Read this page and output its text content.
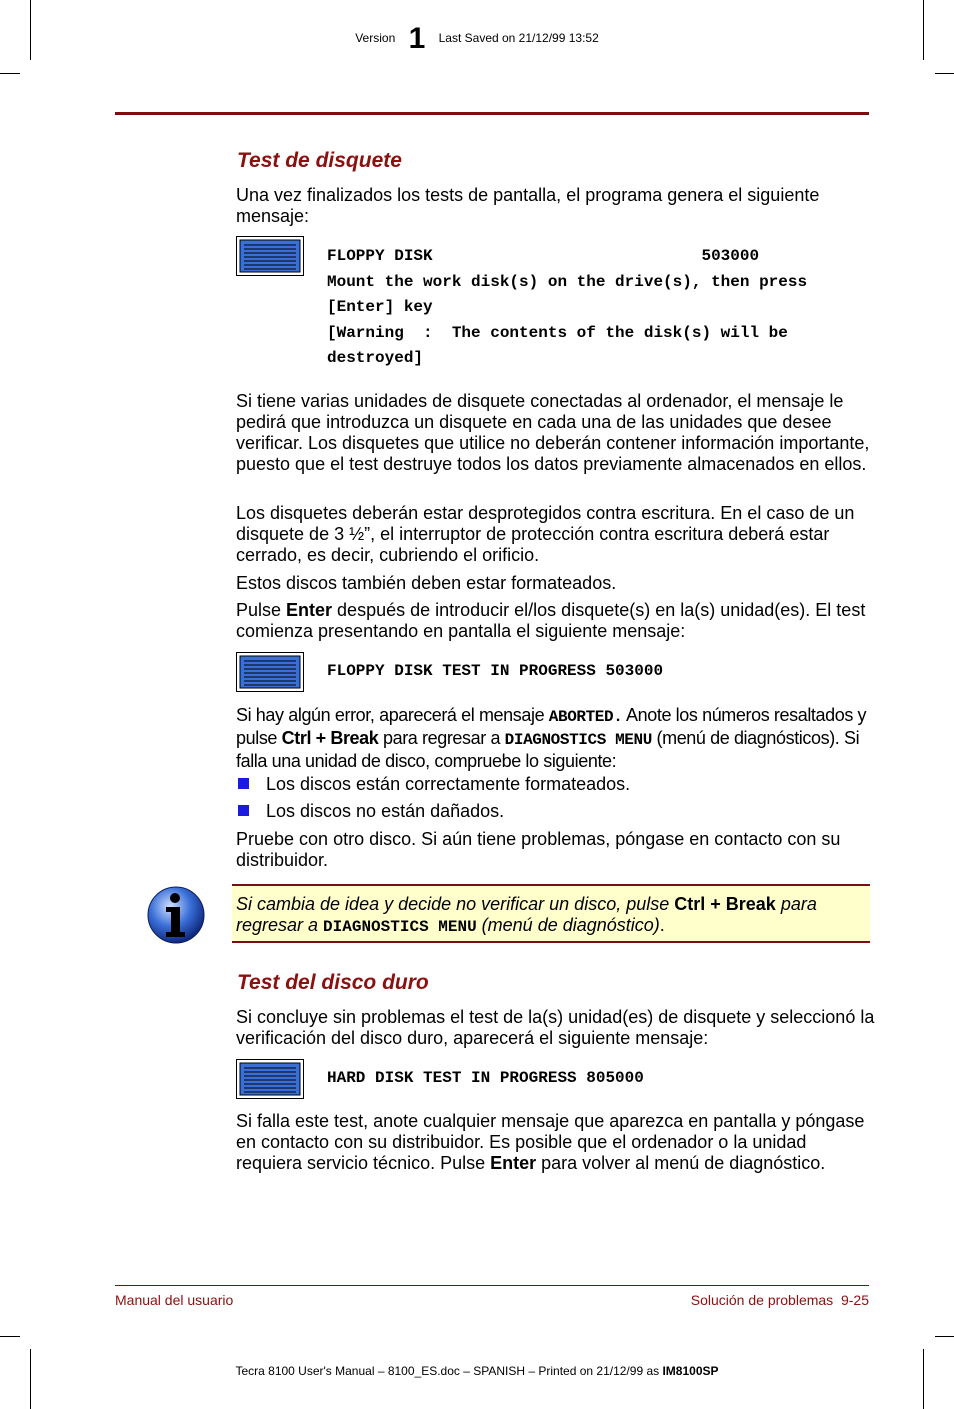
Version 1 Last Saved on 21/12/99 13:52
Test de disquete

Una vez finalizados los tests de pantalla, el programa genera el siguiente mensaje:

FLOPPY DISK                            503000
Mount the work disk(s) on the drive(s), then press
[Enter] key
[Warning  :  The contents of the disk(s) will be
destroyed]

Si tiene varias unidades de disquete conectadas al ordenador, el mensaje le pedirá que introduzca un disquete en cada una de las unidades que desee verificar. Los disquetes que utilice no deberán contener información importante, puesto que el test destruye todos los datos previamente almacenados en ellos.

Los disquetes deberán estar desprotegidos contra escritura. En el caso de un disquete de 3 ½”, el interruptor de protección contra escritura deberá estar cerrado, es decir, cubriendo el orificio.

Estos discos también deben estar formateados.

Pulse Enter después de introducir el/los disquete(s) en la(s) unidad(es). El test comienza presentando en pantalla el siguiente mensaje:

FLOPPY DISK TEST IN PROGRESS 503000

Si hay algún error, aparecerá el mensaje ABORTED. Anote los números resaltados y pulse Ctrl + Break para regresar a DIAGNOSTICS MENU (menú de diagnósticos). Si falla una unidad de disco, compruebe lo siguiente:

Los discos están correctamente formateados.
Los discos no están dañados.

Pruebe con otro disco. Si aún tiene problemas, póngase en contacto con su distribuidor.

Si cambia de idea y decide no verificar un disco, pulse Ctrl + Break para regresar a DIAGNOSTICS MENU (menú de diagnóstico).
Test del disco duro

Si concluye sin problemas el test de la(s) unidad(es) de disquete y seleccionó la verificación del disco duro, aparecerá el siguiente mensaje:

HARD DISK TEST IN PROGRESS 805000

Si falla este test, anote cualquier mensaje que aparezca en pantalla y póngase en contacto con su distribuidor. Es posible que el ordenador o la unidad requiera servicio técnico. Pulse Enter para volver al menú de diagnóstico.

Manual del usuario	Solución de problemas  9-25
Tecra 8100 User's Manual – 8100_ES.doc – SPANISH – Printed on 21/12/99 as IM8100SP
